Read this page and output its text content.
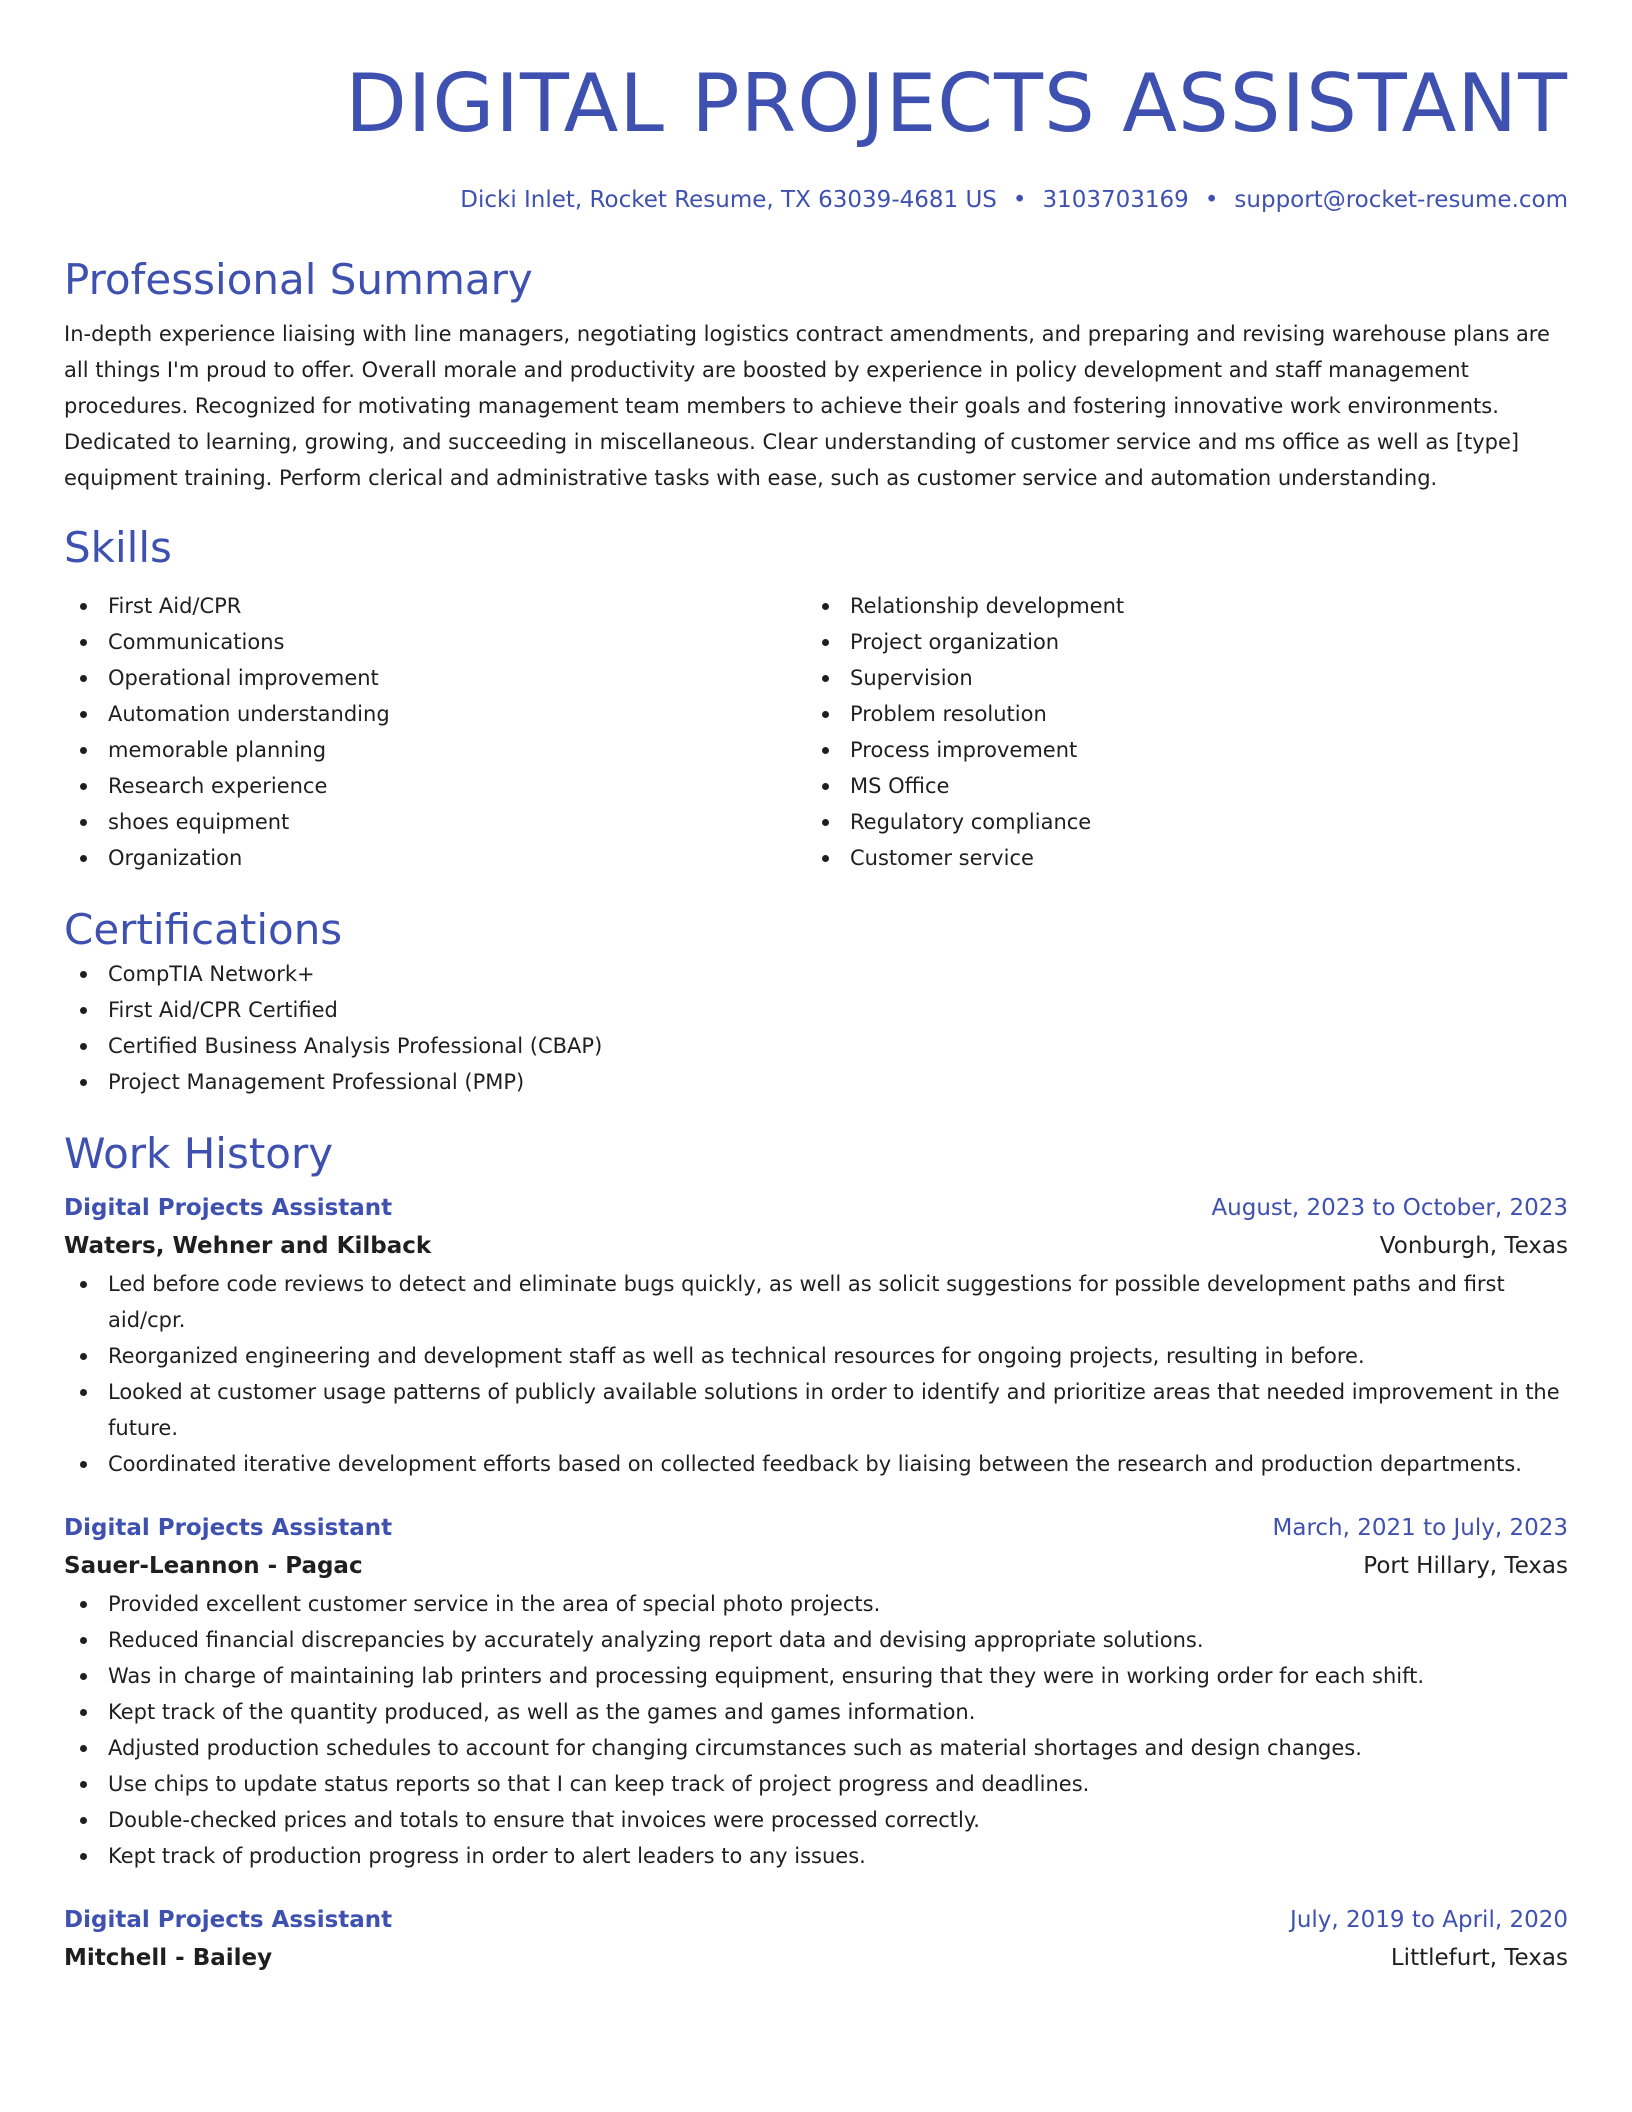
DIGITAL PROJECTS ASSISTANT
Dicki Inlet, Rocket Resume, TX 63039-4681 US • 3103703169 • support@rocket-resume.com
Professional Summary
In-depth experience liaising with line managers, negotiating logistics contract amendments, and preparing and revising warehouse plans are all things I'm proud to offer. Overall morale and productivity are boosted by experience in policy development and staff management procedures. Recognized for motivating management team members to achieve their goals and fostering innovative work environments. Dedicated to learning, growing, and succeeding in miscellaneous. Clear understanding of customer service and ms office as well as [type] equipment training. Perform clerical and administrative tasks with ease, such as customer service and automation understanding.
Skills
First Aid/CPR
Communications
Operational improvement
Automation understanding
memorable planning
Research experience
shoes equipment
Organization
Relationship development
Project organization
Supervision
Problem resolution
Process improvement
MS Office
Regulatory compliance
Customer service
Certifications
CompTIA Network+
First Aid/CPR Certified
Certified Business Analysis Professional (CBAP)
Project Management Professional (PMP)
Work History
Digital Projects Assistant	August, 2023 to October, 2023
Waters, Wehner and Kilback	Vonburgh, Texas
Led before code reviews to detect and eliminate bugs quickly, as well as solicit suggestions for possible development paths and first aid/cpr.
Reorganized engineering and development staff as well as technical resources for ongoing projects, resulting in before.
Looked at customer usage patterns of publicly available solutions in order to identify and prioritize areas that needed improvement in the future.
Coordinated iterative development efforts based on collected feedback by liaising between the research and production departments.
Digital Projects Assistant	March, 2021 to July, 2023
Sauer-Leannon - Pagac	Port Hillary, Texas
Provided excellent customer service in the area of special photo projects.
Reduced financial discrepancies by accurately analyzing report data and devising appropriate solutions.
Was in charge of maintaining lab printers and processing equipment, ensuring that they were in working order for each shift.
Kept track of the quantity produced, as well as the games and games information.
Adjusted production schedules to account for changing circumstances such as material shortages and design changes.
Use chips to update status reports so that I can keep track of project progress and deadlines.
Double-checked prices and totals to ensure that invoices were processed correctly.
Kept track of production progress in order to alert leaders to any issues.
Digital Projects Assistant	July, 2019 to April, 2020
Mitchell - Bailey	Littlefurt, Texas
